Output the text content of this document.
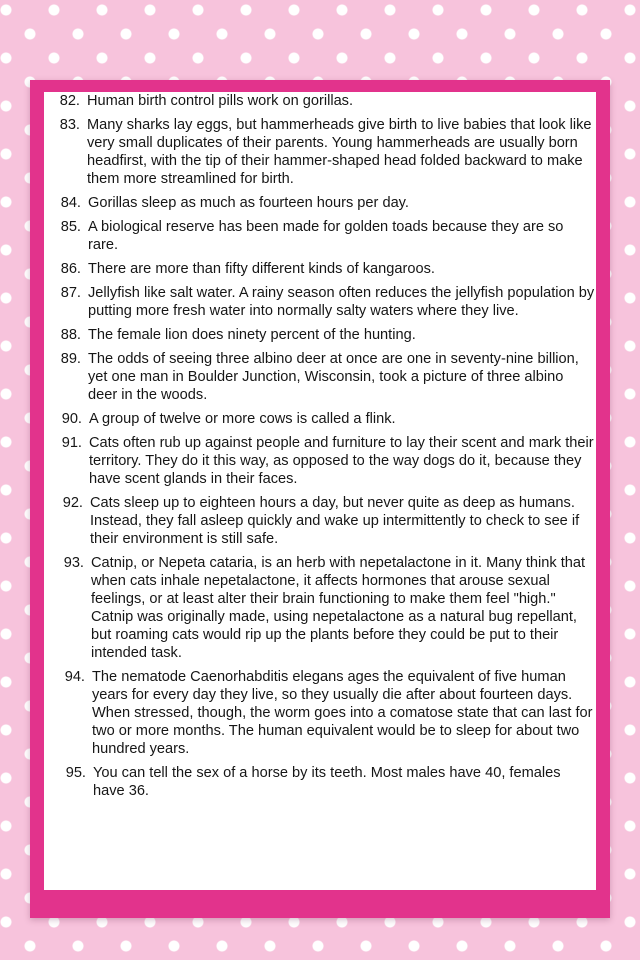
82. Human birth control pills work on gorillas.
83. Many sharks lay eggs, but hammerheads give birth to live babies that look like very small duplicates of their parents. Young hammerheads are usually born headfirst, with the tip of their hammer-shaped head folded backward to make them more streamlined for birth.
84. Gorillas sleep as much as fourteen hours per day.
85. A biological reserve has been made for golden toads because they are so rare.
86. There are more than fifty different kinds of kangaroos.
87. Jellyfish like salt water. A rainy season often reduces the jellyfish population by putting more fresh water into normally salty waters where they live.
88. The female lion does ninety percent of the hunting.
89. The odds of seeing three albino deer at once are one in seventy-nine billion, yet one man in Boulder Junction, Wisconsin, took a picture of three albino deer in the woods.
90. A group of twelve or more cows is called a flink.
91. Cats often rub up against people and furniture to lay their scent and mark their territory. They do it this way, as opposed to the way dogs do it, because they have scent glands in their faces.
92. Cats sleep up to eighteen hours a day, but never quite as deep as humans. Instead, they fall asleep quickly and wake up intermittently to check to see if their environment is still safe.
93. Catnip, or Nepeta cataria, is an herb with nepetalactone in it. Many think that when cats inhale nepetalactone, it affects hormones that arouse sexual feelings, or at least alter their brain functioning to make them feel "high." Catnip was originally made, using nepetalactone as a natural bug repellant, but roaming cats would rip up the plants before they could be put to their intended task.
94. The nematode Caenorhabditis elegans ages the equivalent of five human years for every day they live, so they usually die after about fourteen days. When stressed, though, the worm goes into a comatose state that can last for two or more months. The human equivalent would be to sleep for about two hundred years.
95. You can tell the sex of a horse by its teeth. Most males have 40, females have 36.
